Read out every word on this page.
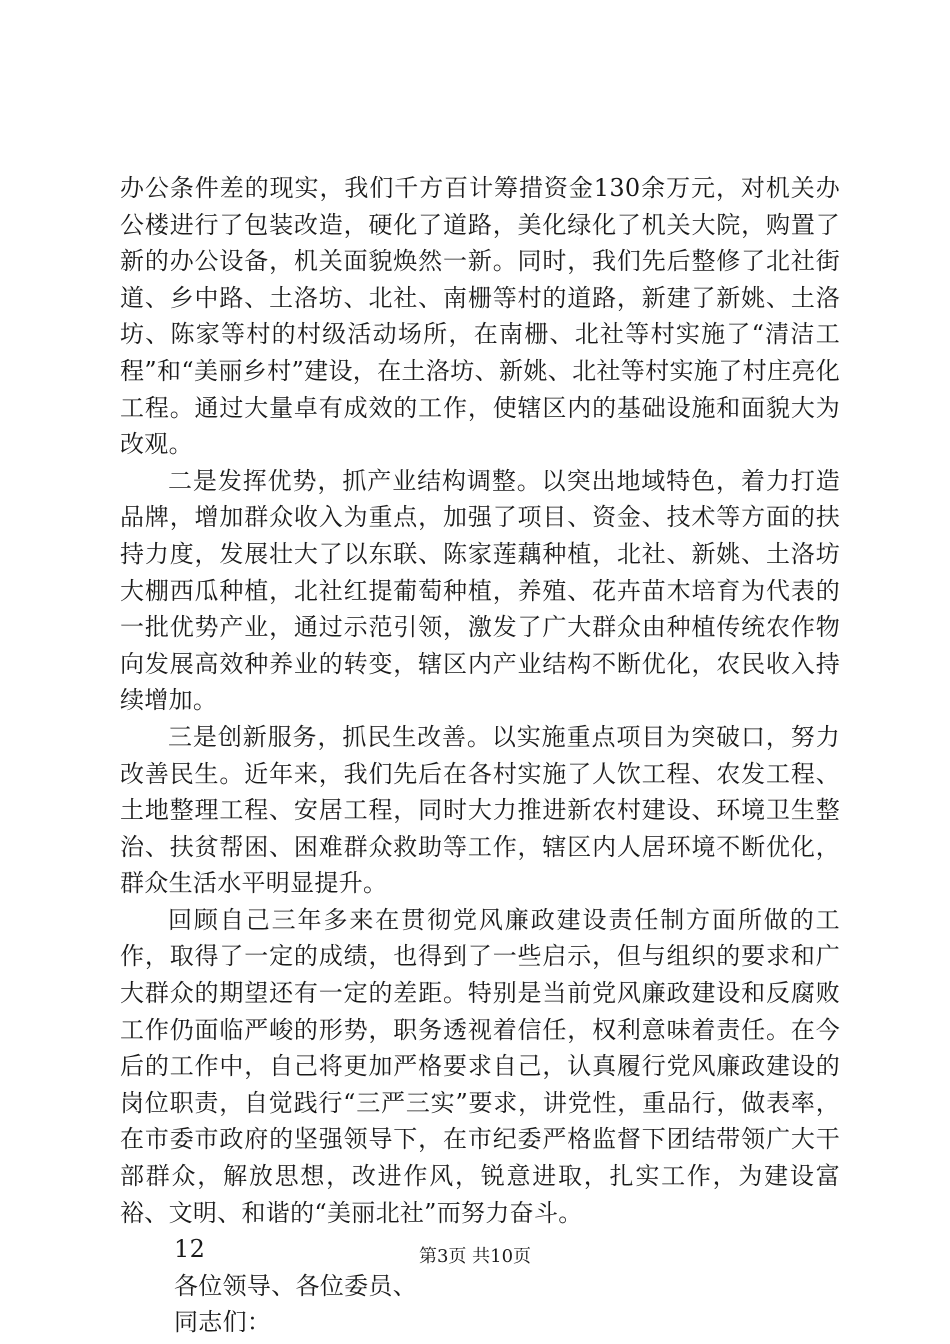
办公条件差的现实，我们千方百计筹措资金130余万元，对机关办公楼进行了包装改造，硬化了道路，美化绿化了机关大院，购置了新的办公设备，机关面貌焕然一新。同时，我们先后整修了北社街道、乡中路、土洛坊、北社、南栅等村的道路，新建了新姚、土洛坊、陈家等村的村级活动场所，在南栅、北社等村实施了“清洁工程”和“美丽乡村”建设，在土洛坊、新姚、北社等村实施了村庄亮化工程。通过大量卓有成效的工作，使辖区内的基础设施和面貌大为改观。

二是发挥优势，抓产业结构调整。以突出地域特色，着力打造品牌，增加群众收入为重点，加强了项目、资金、技术等方面的扶持力度，发展壮大了以东联、陈家莲藕种植，北社、新姚、土洛坊大棚西瓜种植，北社红提葡萄种植，养殖、花卉苗木培育为代表的一批优势产业，通过示范引领，激发了广大群众由种植传统农作物向发展高效种养业的转变，辖区内产业结构不断优化，农民收入持续增加。

三是创新服务，抓民生改善。以实施重点项目为突破口，努力改善民生。近年来，我们先后在各村实施了人饮工程、农发工程、土地整理工程、安居工程，同时大力推进新农村建设、环境卫生整治、扶贫帮困、困难群众救助等工作，辖区内人居环境不断优化，群众生活水平明显提升。

回顾自己三年多来在贯彻党风廉政建设责任制方面所做的工作，取得了一定的成绩，也得到了一些启示，但与组织的要求和广大群众的期望还有一定的差距。特别是当前党风廉政建设和反腐败工作仍面临严峻的形势，职务透视着信任，权利意味着责任。在今后的工作中，自己将更加严格要求自己，认真履行党风廉政建设的岗位职责，自觉践行“三严三实”要求，讲党性，重品行，做表率，在市委市政府的坚强领导下，在市纪委严格监督下团结带领广大干部群众，解放思想，改进作风，锐意进取，扎实工作，为建设富裕、文明、和谐的“美丽北社”而努力奋斗。

12

各位领导、各位委员、

同志们：

第3页 共10页
